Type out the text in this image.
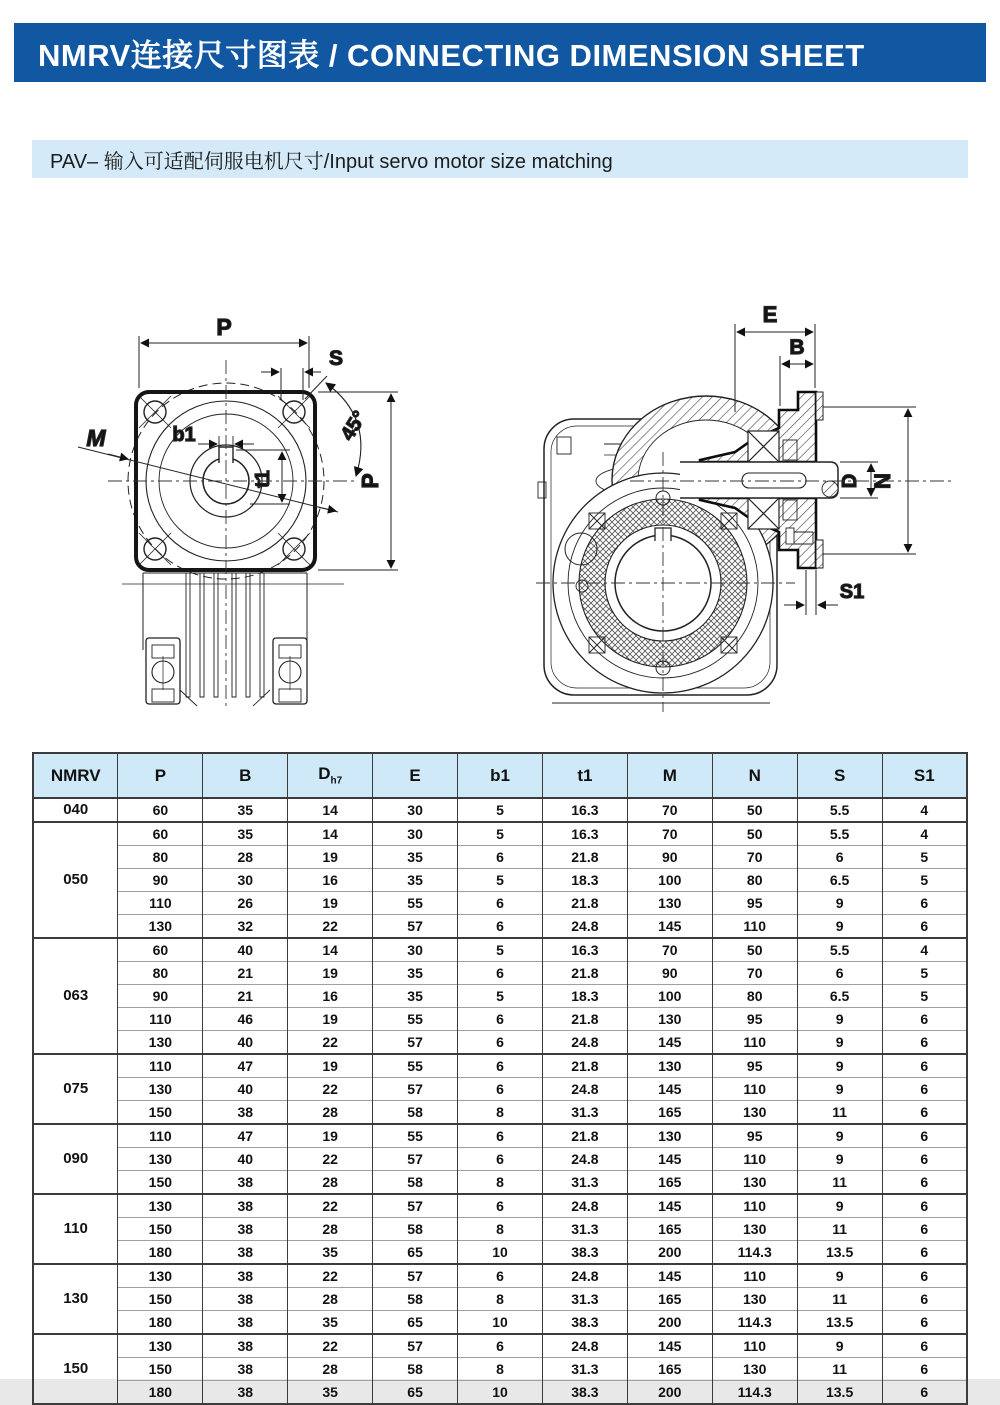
NMRV连接尺寸图表 / CONNECTING DIMENSION SHEET
PAV– 输入可适配伺服电机尺寸/Input servo motor size matching
P
S
45°
M	b1
t1	P
E
B
D N
S1
NMRV	P	B	$D_{h7}$	E	b1	t1	M	N	S	S1
040	60	35	14	30	5	16.3	70	50	5.5	4
050	60	35	14	30	5	16.3	70	50	5.5	4
	80	28	19	35	6	21.8	90	70	6	5
	90	30	16	35	5	18.3	100	80	6.5	5
	110	26	19	55	6	21.8	130	95	9	6
	130	32	22	57	6	24.8	145	110	9	6
063	60	40	14	30	5	16.3	70	50	5.5	4
	80	21	19	35	6	21.8	90	70	6	5
	90	21	16	35	5	18.3	100	80	6.5	5
	110	46	19	55	6	21.8	130	95	9	6
	130	40	22	57	6	24.8	145	110	9	6
075	110	47	19	55	6	21.8	130	95	9	6
	130	40	22	57	6	24.8	145	110	9	6
	150	38	28	58	8	31.3	165	130	11	6
090	110	47	19	55	6	21.8	130	95	9	6
	130	40	22	57	6	24.8	145	110	9	6
	150	38	28	58	8	31.3	165	130	11	6
110	130	38	22	57	6	24.8	145	110	9	6
	150	38	28	58	8	31.3	165	130	11	6
	180	38	35	65	10	38.3	200	114.3	13.5	6
130	130	38	22	57	6	24.8	145	110	9	6
	150	38	28	58	8	31.3	165	130	11	6
	180	38	35	65	10	38.3	200	114.3	13.5	6
150	130	38	22	57	6	24.8	145	110	9	6
	150	38	28	58	8	31.3	165	130	11	6
	180	38	35	65	10	38.3	200	114.3	13.5	6
